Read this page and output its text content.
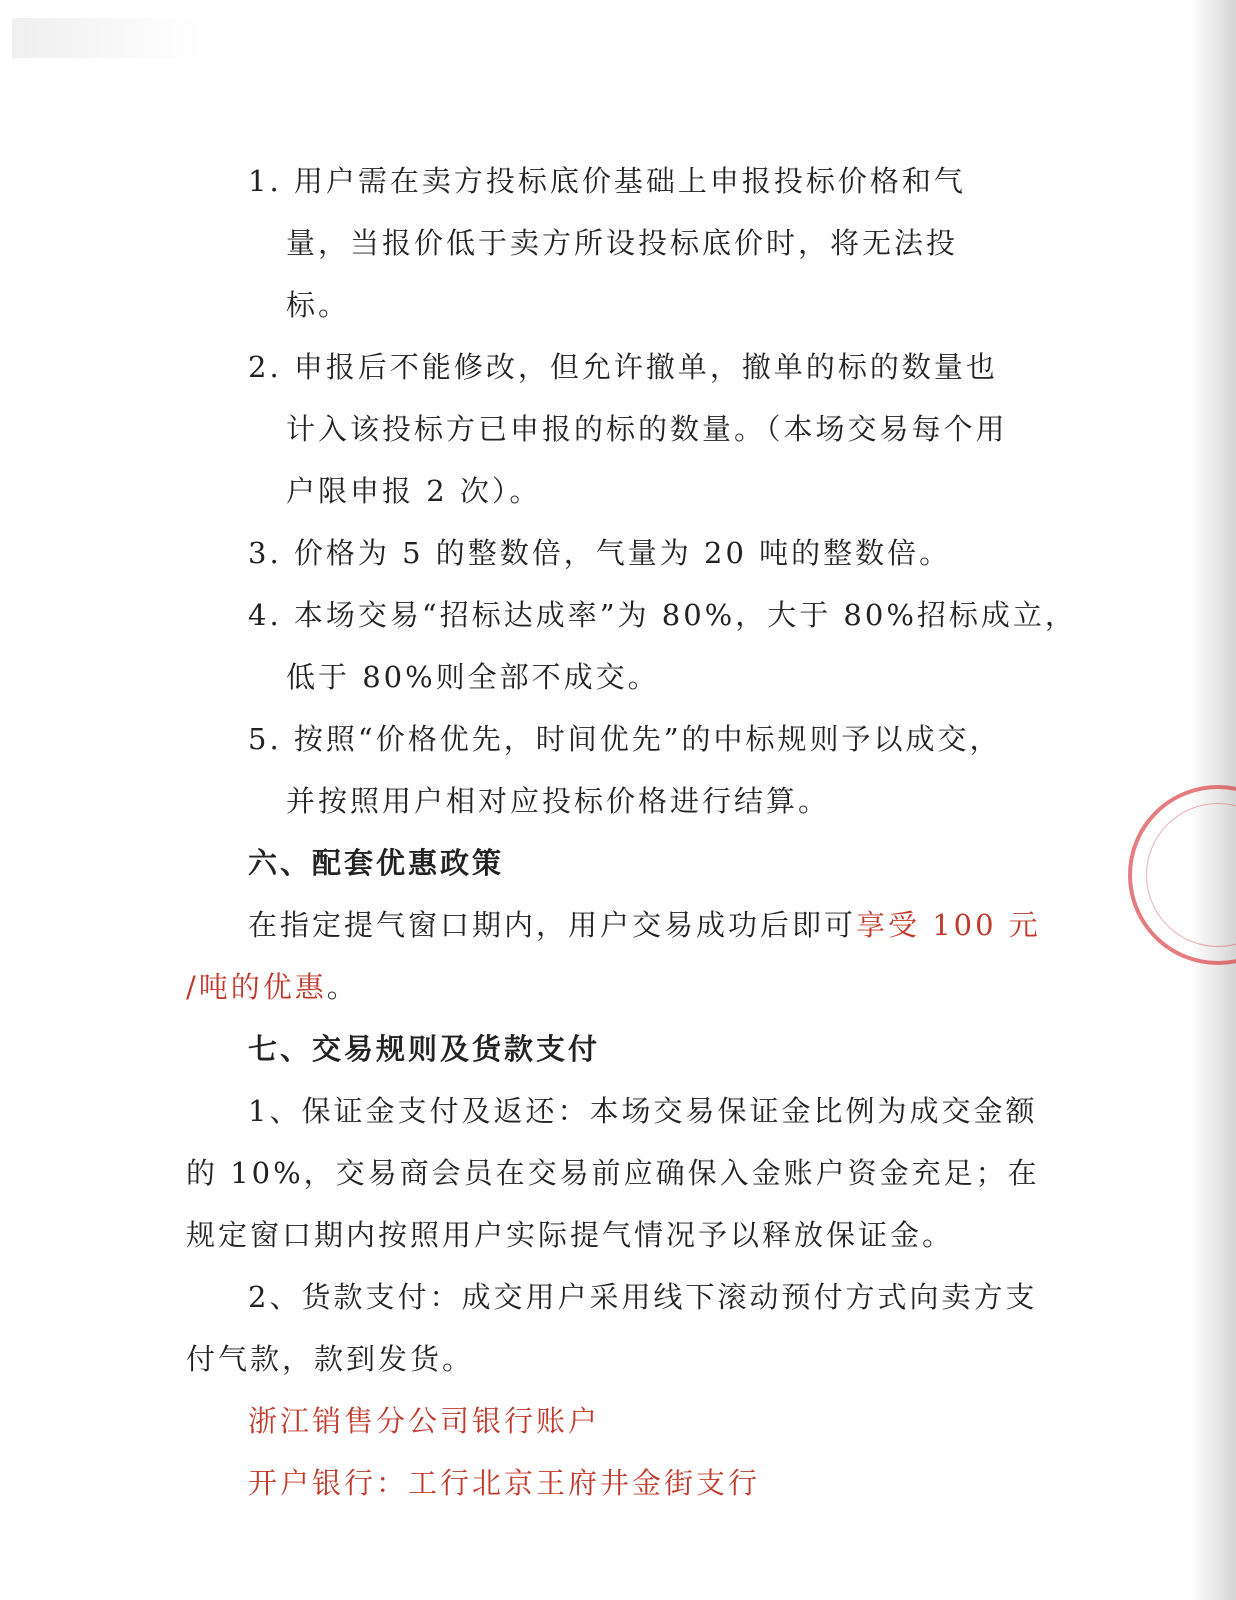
1. 用户需在卖方投标底价基础上申报投标价格和气
量，当报价低于卖方所设投标底价时，将无法投
标。
2. 申报后不能修改，但允许撤单，撤单的标的数量也
计入该投标方已申报的标的数量。（本场交易每个用
户限申报 2 次）。
3. 价格为 5 的整数倍，气量为 20 吨的整数倍。
4. 本场交易“招标达成率”为 80%，大于 80%招标成立，
低于 80%则全部不成交。
5. 按照“价格优先，时间优先”的中标规则予以成交，
并按照用户相对应投标价格进行结算。
六、配套优惠政策
在指定提气窗口期内，用户交易成功后即可享受 100 元
/吨的优惠。
七、交易规则及货款支付
1、保证金支付及返还：本场交易保证金比例为成交金额
的 10%，交易商会员在交易前应确保入金账户资金充足；在
规定窗口期内按照用户实际提气情况予以释放保证金。
2、货款支付：成交用户采用线下滚动预付方式向卖方支
付气款，款到发货。
浙江销售分公司银行账户
开户银行：工行北京王府井金街支行
